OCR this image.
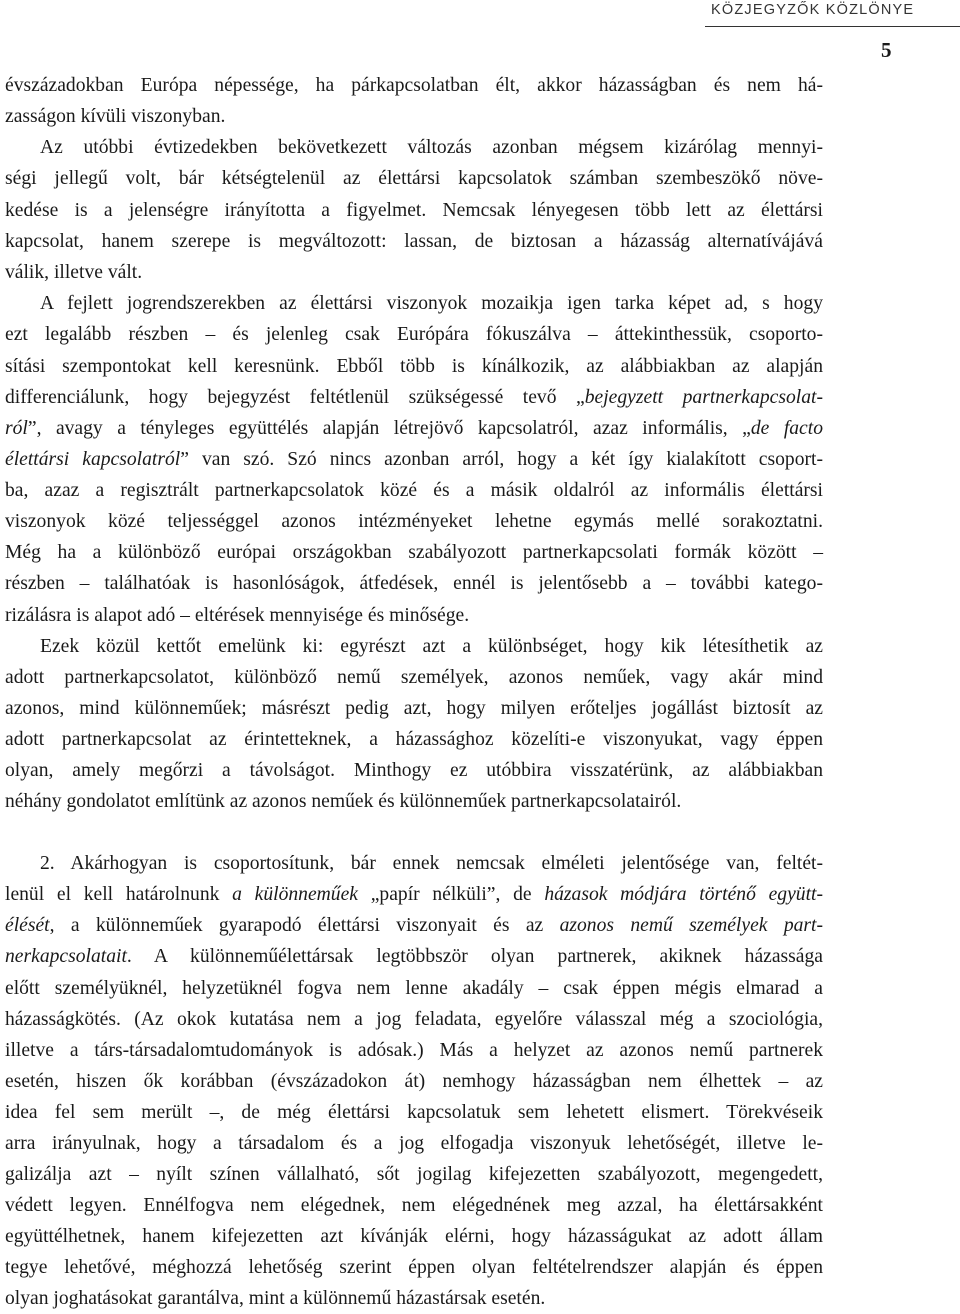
KÖZJEGYZŐK KÖZLÖNYE
5
évszázadokban Európa népessége, ha párkapcsolatban élt, akkor házasságban és nem há-
zasságon kívüli viszonyban.
Az utóbbi évtizedekben bekövetkezett változás azonban mégsem kizárólag mennyi-
ségi jellegű volt, bár kétségtelenül az élettársi kapcsolatok számban szembeszökő növe-
kedése is a jelenségre irányította a figyelmet. Nemcsak lényegesen több lett az élettársi
kapcsolat, hanem szerepe is megváltozott: lassan, de biztosan a házasság alternatívájává
válik, illetve vált.
A fejlett jogrendszerekben az élettársi viszonyok mozaikja igen tarka képet ad, s hogy
ezt legalább részben – és jelenleg csak Európára fókuszálva – áttekinthessük, csoporto-
sítási szempontokat kell keresnünk. Ebből több is kínálkozik, az alábbiakban az alapján
differenciálunk, hogy bejegyzést feltétlenül szükségessé tevő „bejegyzett partnerkapcsolat-
ról”, avagy a tényleges együttélés alapján létrejövő kapcsolatról, azaz informális, „de facto
élettársi kapcsolatról” van szó. Szó nincs azonban arról, hogy a két így kialakított csoport-
ba, azaz a regisztrált partnerkapcsolatok közé és a másik oldalról az informális élettársi
viszonyok közé teljességgel azonos intézményeket lehetne egymás mellé sorakoztatni.
Még ha a különböző európai országokban szabályozott partnerkapcsolati formák között –
részben – találhatóak is hasonlóságok, átfedések, ennél is jelentősebb a – további katego-
rizálásra is alapot adó – eltérések mennyisége és minősége.
Ezek közül kettőt emelünk ki: egyrészt azt a különbséget, hogy kik létesíthetik az
adott partnerkapcsolatot, különböző nemű személyek, azonos neműek, vagy akár mind
azonos, mind különneműek; másrészt pedig azt, hogy milyen erőteljes jogállást biztosít az
adott partnerkapcsolat az érintetteknek, a házassághoz közelíti-e viszonyukat, vagy éppen
olyan, amely megőrzi a távolságot. Minthogy ez utóbbira visszatérünk, az alábbiakban
néhány gondolatot említünk az azonos neműek és különneműek partnerkapcsolatairól.
2. Akárhogyan is csoportosítunk, bár ennek nemcsak elméleti jelentősége van, feltét-
lenül el kell határolnunk a különneműek „papír nélküli”, de házasok módjára történő együtt-
élését, a különneműek gyarapodó élettársi viszonyait és az azonos nemű személyek part-
nerkapcsolatait. A különneműélettársak legtöbbször olyan partnerek, akiknek házassága
előtt személyüknél, helyzetüknél fogva nem lenne akadály – csak éppen mégis elmarad a
házasságkötés. (Az okok kutatása nem a jog feladata, egyelőre válasszal még a szociológia,
illetve a társ-társadalomtudományok is adósak.) Más a helyzet az azonos nemű partnerek
esetén, hiszen ők korábban (évszázadokon át) nemhogy házasságban nem élhettek – az
idea fel sem merült –, de még élettársi kapcsolatuk sem lehetett elismert. Törekvéseik
arra irányulnak, hogy a társadalom és a jog elfogadja viszonyuk lehetőségét, illetve le-
galizálja azt – nyílt színen vállalható, sőt jogilag kifejezetten szabályozott, megengedett,
védett legyen. Ennélfogva nem elégednek, nem elégednének meg azzal, ha élettársakként
együttélhetnek, hanem kifejezetten azt kívánják elérni, hogy házasságukat az adott állam
tegye lehetővé, méghozzá lehetőség szerint éppen olyan feltételrendszer alapján és éppen
olyan joghatásokat garantálva, mint a különnemű házastársak esetén.
